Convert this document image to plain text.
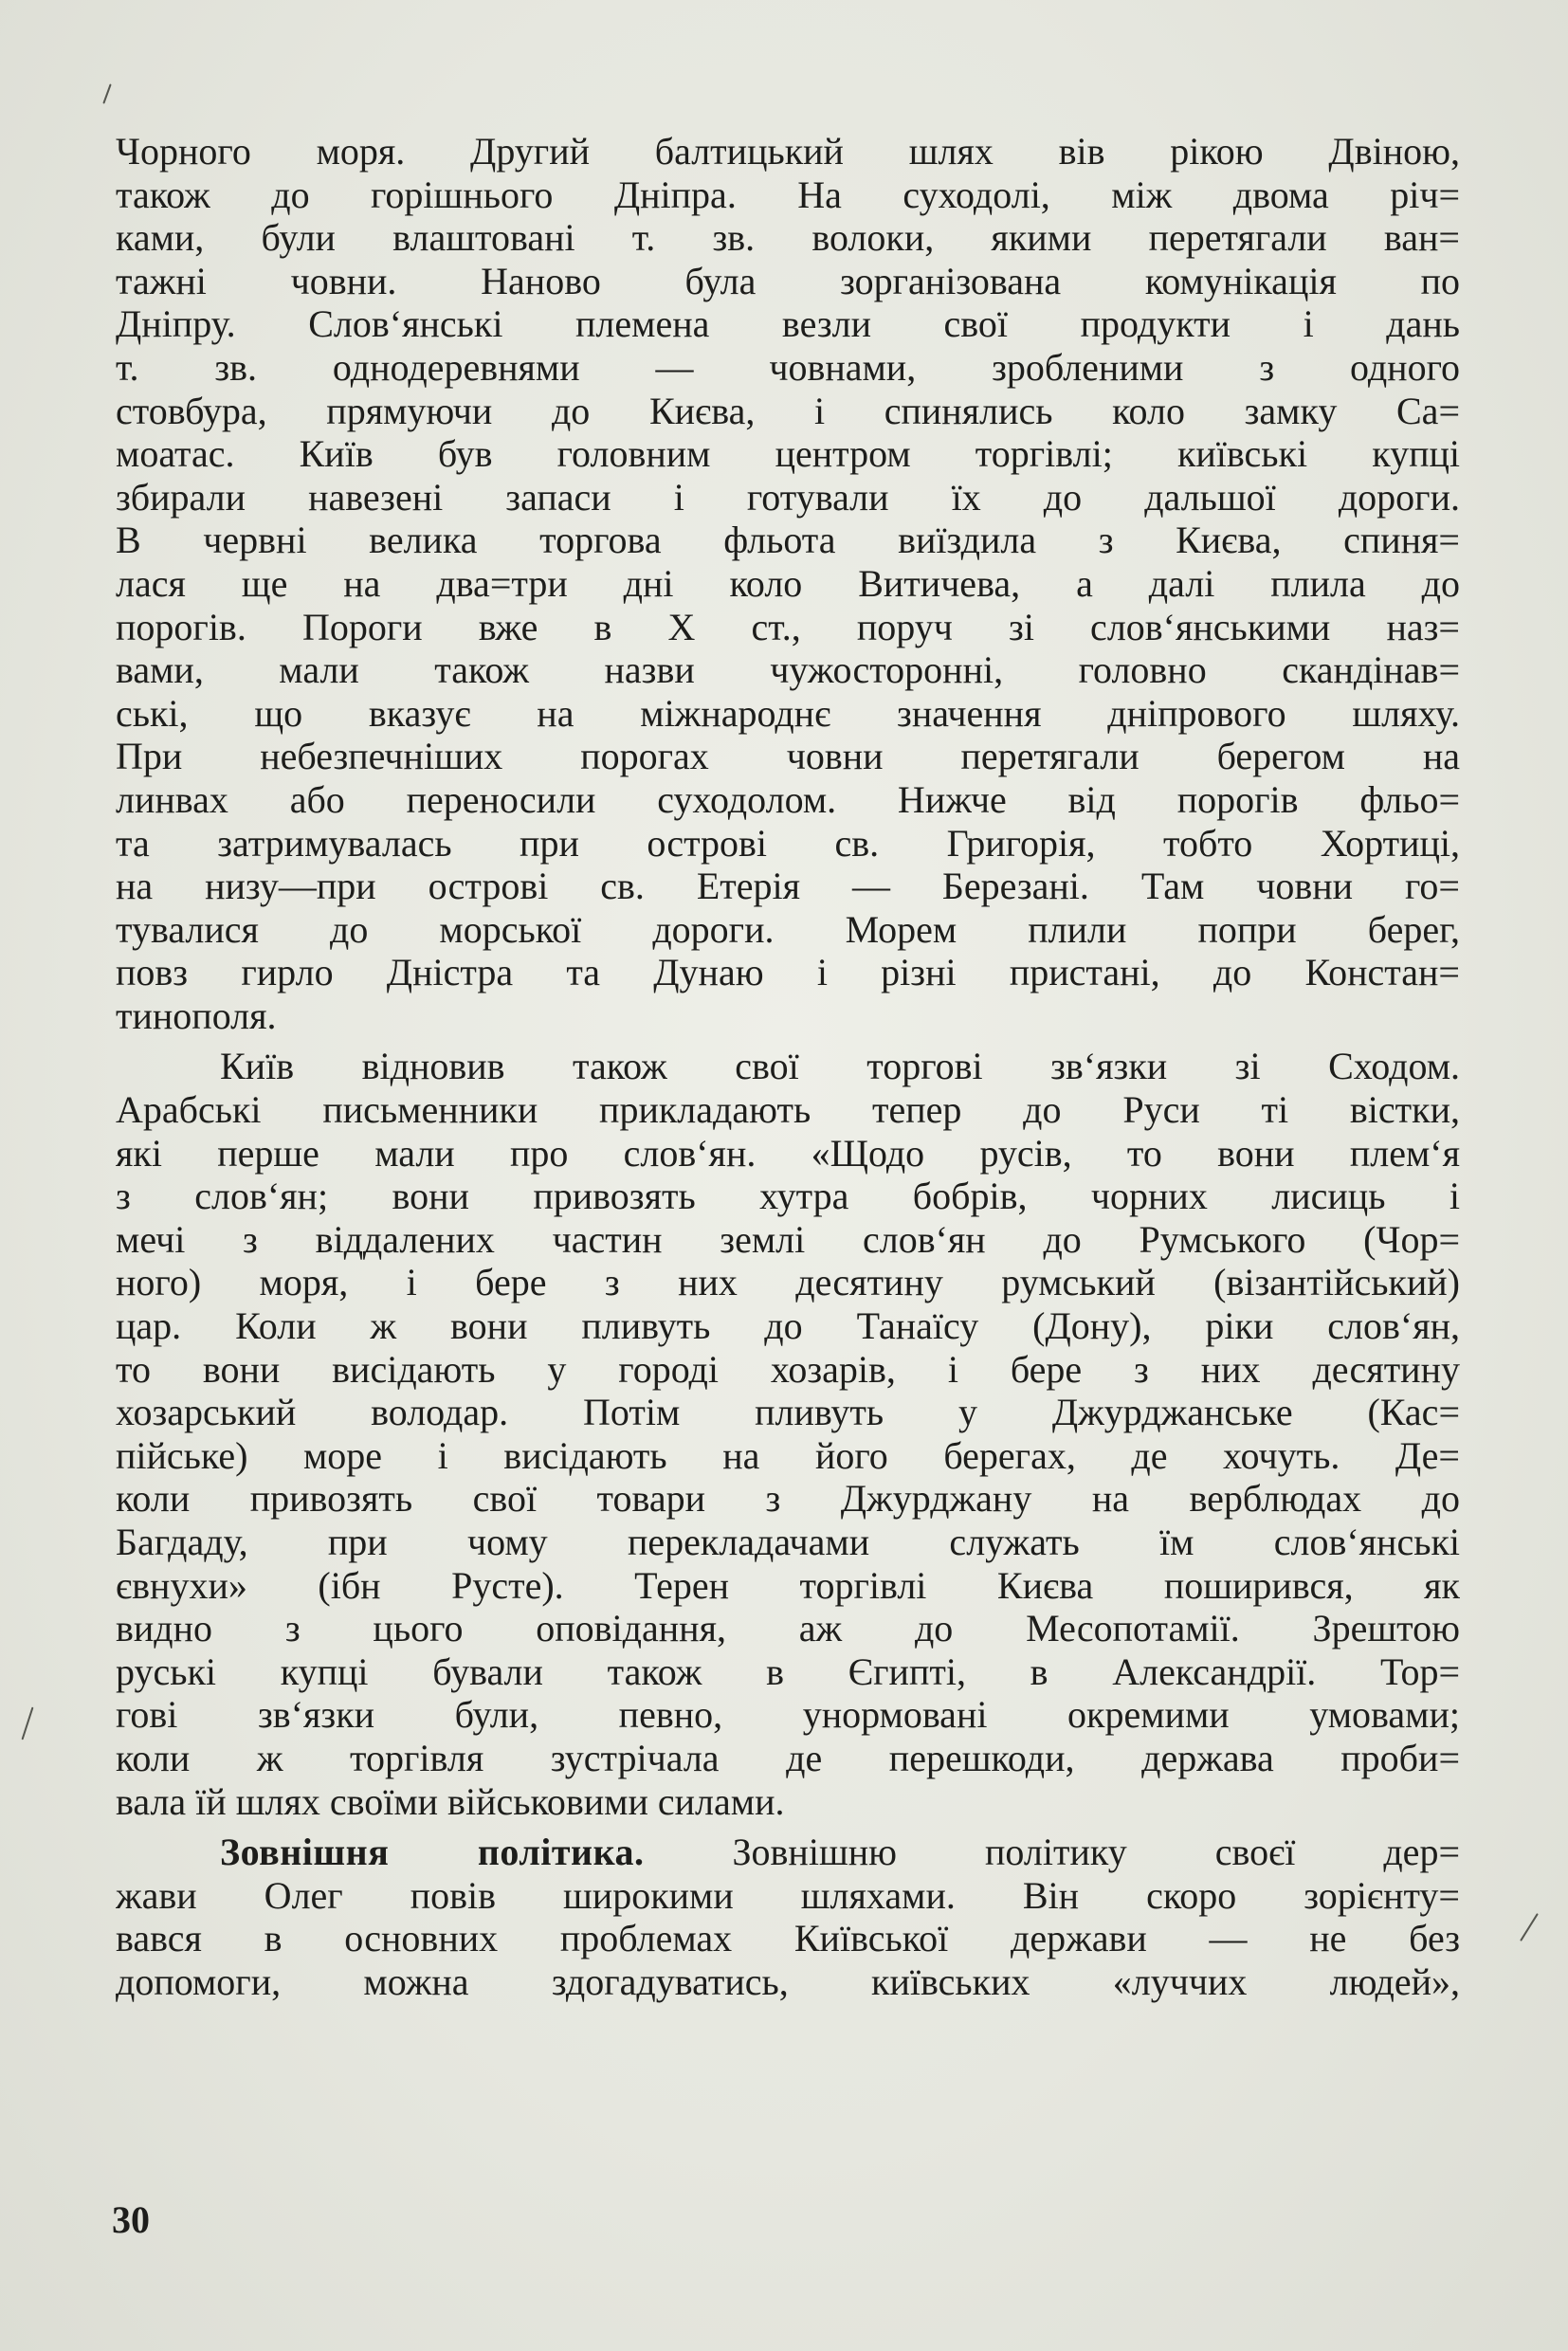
Чорного моря. Другий балтицький шлях вів рікою Двіною,
також до горішнього Дніпра. На суходолі, між двома річ=
ками, були влаштовані т. зв. волоки, якими перетягали ван=
тажні човни. Наново була зорганізована комунікація по
Дніпру. Слов‘янські племена везли свої продукти і дань
т. зв. однодеревнями — човнами, зробленими з одного
стовбура, прямуючи до Києва, і спинялись коло замку Са=
моатас. Київ був головним центром торгівлі; київські купці
збирали навезені запаси і готували їх до дальшої дороги.
В червні велика торгова фльота виїздила з Києва, спиня=
лася ще на два=три дні коло Витичева, а далі плила до
порогів. Пороги вже в Х ст., поруч зі слов‘янськими наз=
вами, мали також назви чужосторонні, головно скандінав=
ські, що вказує на міжнароднє значення дніпрового шляху.
При небезпечніших порогах човни перетягали берегом на
линвах або переносили суходолом. Нижче від порогів фльо=
та затримувалась при острові св. Григорія, тобто Хортиці,
на низу—при острові св. Етерія — Березані. Там човни го=
тувалися до морської дороги. Морем плили попри берег,
повз гирло Дністра та Дунаю і різні пристані, до Констан=
тинополя.
Київ відновив також свої торгові зв‘язки зі Сходом.
Арабські письменники прикладають тепер до Руси ті вістки,
які перше мали про слов‘ян. «Щодо русів, то вони плем‘я
з слов‘ян; вони привозять хутра бобрів, чорних лисиць і
мечі з віддалених частин землі слов‘ян до Румського (Чор=
ного) моря, і бере з них десятину румський (візантійський)
цар. Коли ж вони пливуть до Танаїсу (Дону), ріки слов‘ян,
то вони висідають у городі хозарів, і бере з них десятину
хозарський володар. Потім пливуть у Джурджанське (Кас=
пійське) море і висідають на його берегах, де хочуть. Де=
коли привозять свої товари з Джурджану на верблюдах до
Багдаду, при чому перекладачами служать їм слов‘янські
євнухи» (ібн Русте). Терен торгівлі Києва поширився, як
видно з цього оповідання, аж до Месопотамії. Зрештою
руські купці бували також в Єгипті, в Александрії. Тор=
гові зв‘язки були, певно, унормовані окремими умовами;
коли ж торгівля зустрічала де перешкоди, держава проби=
вала їй шлях своїми військовими силами.
Зовнішня політика. Зовнішню політику своєї дер=
жави Олег повів широкими шляхами. Він скоро зорієнту=
вався в основних проблемах Київської держави — не без
допомоги, можна здогадуватись, київських «луччих людей»,
30
